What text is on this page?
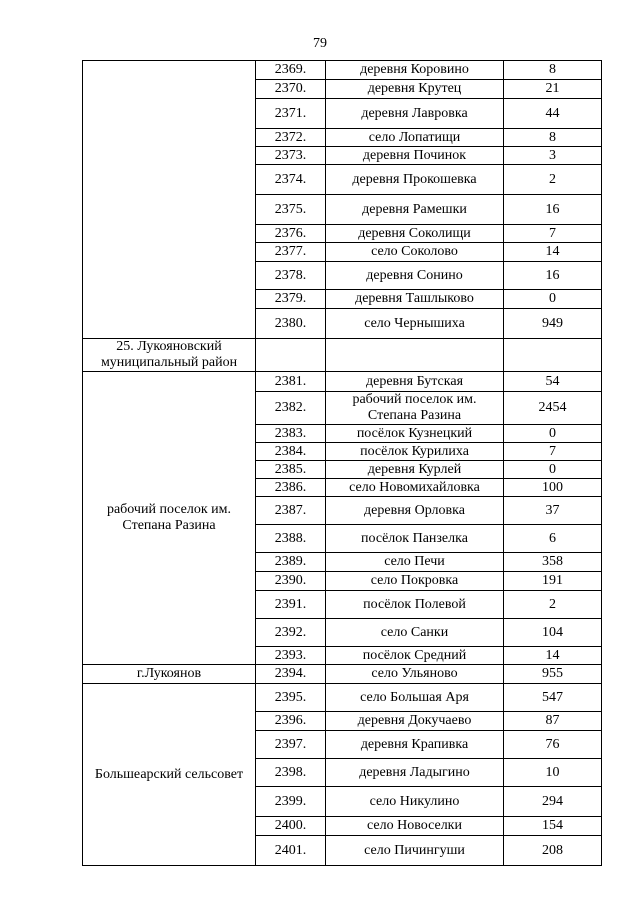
79
	2369.	деревня Коровино	8
	2370.	деревня Крутец	21
	2371.	деревня Лавровка	44
	2372.	село Лопатищи	8
	2373.	деревня Починок	3
	2374.	деревня Прокошевка	2
	2375.	деревня Рамешки	16
	2376.	деревня Соколищи	7
	2377.	село Соколово	14
	2378.	деревня Сонино	16
	2379.	деревня Ташлыково	0
	2380.	село Чернышиха	949
25. Лукояновский муниципальный район			
рабочий поселок им. Степана Разина	2381.	деревня Бутская	54
	2382.	рабочий поселок им. Степана Разина	2454
	2383.	посёлок Кузнецкий	0
	2384.	посёлок Курилиха	7
	2385.	деревня Курлей	0
	2386.	село Новомихайловка	100
	2387.	деревня Орловка	37
	2388.	посёлок Панзелка	6
	2389.	село Печи	358
	2390.	село Покровка	191
	2391.	посёлок Полевой	2
	2392.	село Санки	104
	2393.	посёлок Средний	14
г.Лукоянов	2394.	село Ульяново	955
Большеарский сельсовет	2395.	село Большая Аря	547
	2396.	деревня Докучаево	87
	2397.	деревня Крапивка	76
	2398.	деревня Ладыгино	10
	2399.	село Никулино	294
	2400.	село Новоселки	154
	2401.	село Пичингуши	208
